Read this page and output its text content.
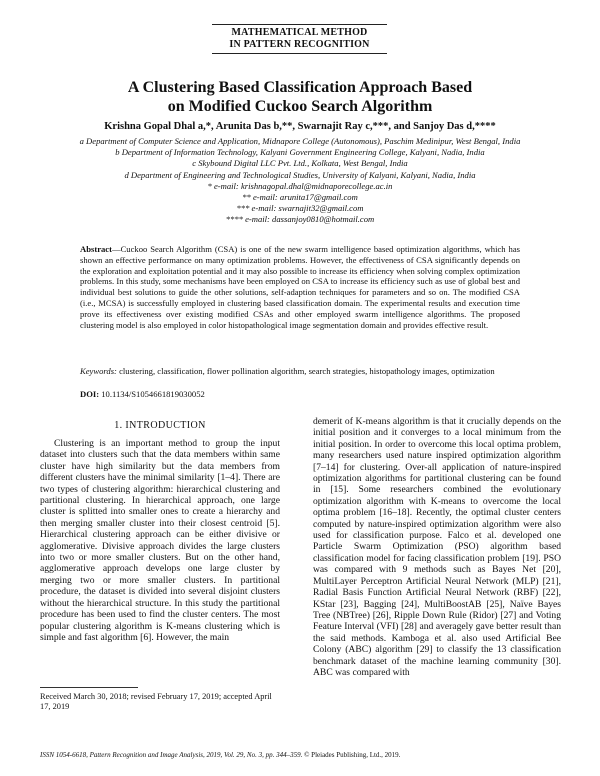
MATHEMATICAL METHOD
IN PATTERN RECOGNITION
A Clustering Based Classification Approach Based
on Modified Cuckoo Search Algorithm
Krishna Gopal Dhal a,*, Arunita Das b,**, Swarnajit Ray c,***, and Sanjoy Das d,****
a Department of Computer Science and Application, Midnapore College (Autonomous), Paschim Medinipur, West Bengal, India
b Department of Information Technology, Kalyani Government Engineering College, Kalyani, Nadia, India
c Skybound Digital LLC Pvt. Ltd., Kolkata, West Bengal, India
d Department of Engineering and Technological Studies, University of Kalyani, Kalyani, Nadia, India
* e-mail: krishnagopal.dhal@midnaporecollege.ac.in
** e-mail: arunita17@gmail.com
*** e-mail: swarnajit32@gmail.com
**** e-mail: dassanjoy0810@hotmail.com
Abstract—Cuckoo Search Algorithm (CSA) is one of the new swarm intelligence based optimization algorithms, which has shown an effective performance on many optimization problems. However, the effectiveness of CSA significantly depends on the exploration and exploitation potential and it may also possible to increase its efficiency when solving complex optimization problems. In this study, some mechanisms have been employed on CSA to increase its efficiency such as use of global best and individual best solutions to guide the other solutions, self-adaption techniques for parameters and so on. The modified CSA (i.e., MCSA) is successfully employed in clustering based classification domain. The experimental results and execution time prove its effectiveness over existing modified CSAs and other employed swarm intelligence algorithms. The proposed clustering model is also employed in color histopathological image segmentation domain and provides effective result.
Keywords: clustering, classification, flower pollination algorithm, search strategies, histopathology images, optimization
DOI: 10.1134/S1054661819030052
1. INTRODUCTION
Clustering is an important method to group the input dataset into clusters such that the data members within same cluster have high similarity but the data members from different clusters have the minimal similarity [1–4]. There are two types of clustering algorithm: hierarchical clustering and partitional clustering. In hierarchical approach, one large cluster is splitted into smaller ones to create a hierarchy and then merging smaller cluster into their closest centroid [5]. Hierarchical clustering approach can be either divisive or agglomerative. Divisive approach divides the large clusters into two or more smaller clusters. But on the other hand, agglomerative approach develops one large cluster by merging two or more smaller clusters. In partitional procedure, the dataset is divided into several disjoint clusters without the hierarchical structure. In this study the partitional procedure has been used to find the cluster centers. The most popular clustering algorithm is K-means clustering which is simple and fast algorithm [6]. However, the main
demerit of K-means algorithm is that it crucially depends on the initial position and it converges to a local minimum from the initial position. In order to overcome this local optima problem, many researchers used nature inspired optimization algorithm [7–14] for clustering. Over-all application of nature-inspired optimization algorithms for partitional clustering can be found in [15]. Some researchers combined the evolutionary optimization algorithm with K-means to overcome the local optima problem [16–18]. Recently, the optimal cluster centers computed by nature-inspired optimization algorithm were also used for classification purpose. Falco et al. developed one Particle Swarm Optimization (PSO) algorithm based classification model for facing classification problem [19]. PSO was compared with 9 methods such as Bayes Net [20], MultiLayer Perceptron Artificial Neural Network (MLP) [21], Radial Basis Function Artificial Neural Network (RBF) [22], KStar [23], Bagging [24], MultiBoostAB [25], Naïve Bayes Tree (NBTree) [26], Ripple Down Rule (Ridor) [27] and Voting Feature Interval (VFI) [28] and averagely gave better result than the said methods. Kamboga et al. also used Artificial Bee Colony (ABC) algorithm [29] to classify the 13 classification benchmark dataset of the machine learning community [30]. ABC was compared with
Received March 30, 2018; revised February 17, 2019; accepted April 17, 2019
ISSN 1054-6618, Pattern Recognition and Image Analysis, 2019, Vol. 29, No. 3, pp. 344–359. © Pleiades Publishing, Ltd., 2019.
